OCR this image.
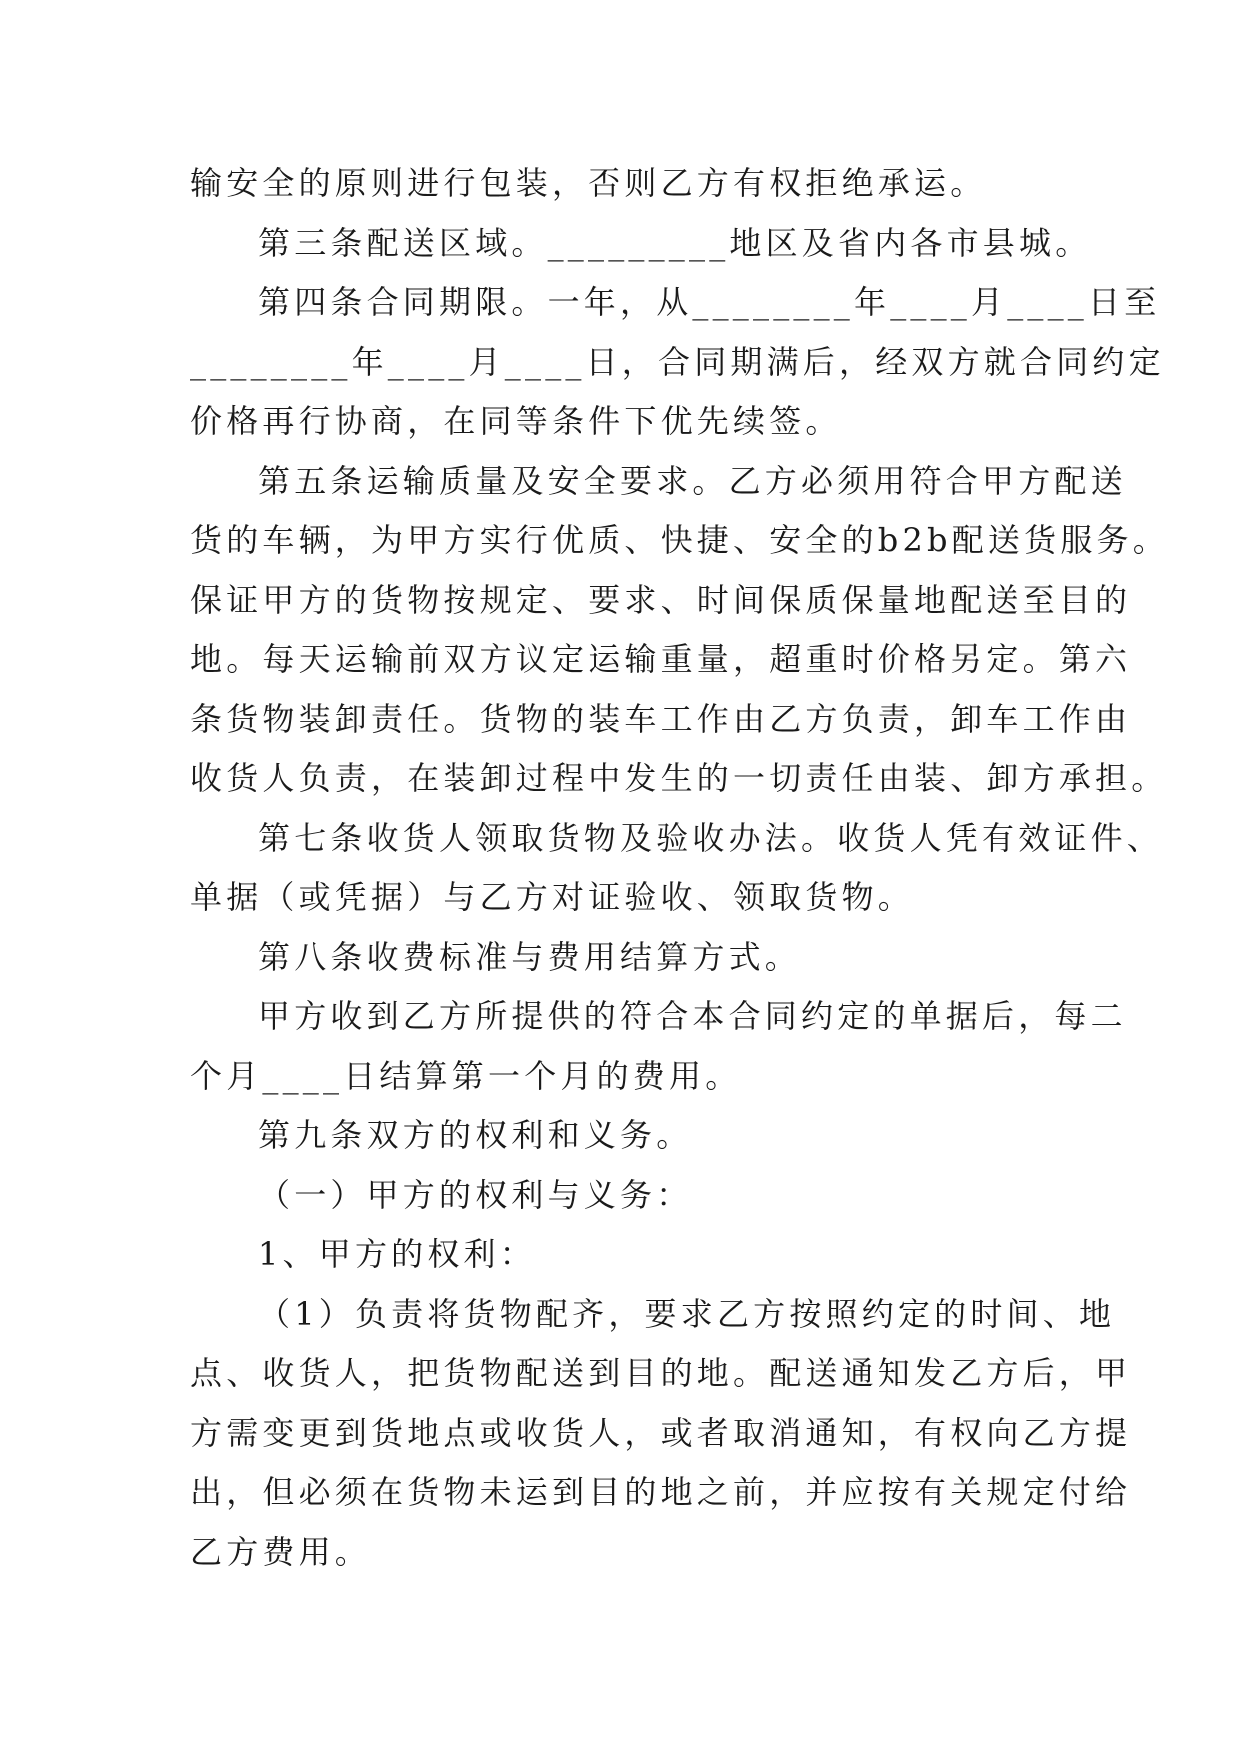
输安全的原则进行包装，否则乙方有权拒绝承运。
第三条配送区域。_________地区及省内各市县城。
第四条合同期限。一年，从________年____月____日至
________年____月____日，合同期满后，经双方就合同约定
价格再行协商，在同等条件下优先续签。
第五条运输质量及安全要求。乙方必须用符合甲方配送
货的车辆，为甲方实行优质、快捷、安全的b2b配送货服务。
保证甲方的货物按规定、要求、时间保质保量地配送至目的
地。每天运输前双方议定运输重量，超重时价格另定。第六
条货物装卸责任。货物的装车工作由乙方负责，卸车工作由
收货人负责，在装卸过程中发生的一切责任由装、卸方承担。
第七条收货人领取货物及验收办法。收货人凭有效证件、
单据（或凭据）与乙方对证验收、领取货物。
第八条收费标准与费用结算方式。
甲方收到乙方所提供的符合本合同约定的单据后，每二
个月____日结算第一个月的费用。
第九条双方的权利和义务。
（一）甲方的权利与义务：
1、甲方的权利：
（1）负责将货物配齐，要求乙方按照约定的时间、地
点、收货人，把货物配送到目的地。配送通知发乙方后，甲
方需变更到货地点或收货人，或者取消通知，有权向乙方提
出，但必须在货物未运到目的地之前，并应按有关规定付给
乙方费用。
